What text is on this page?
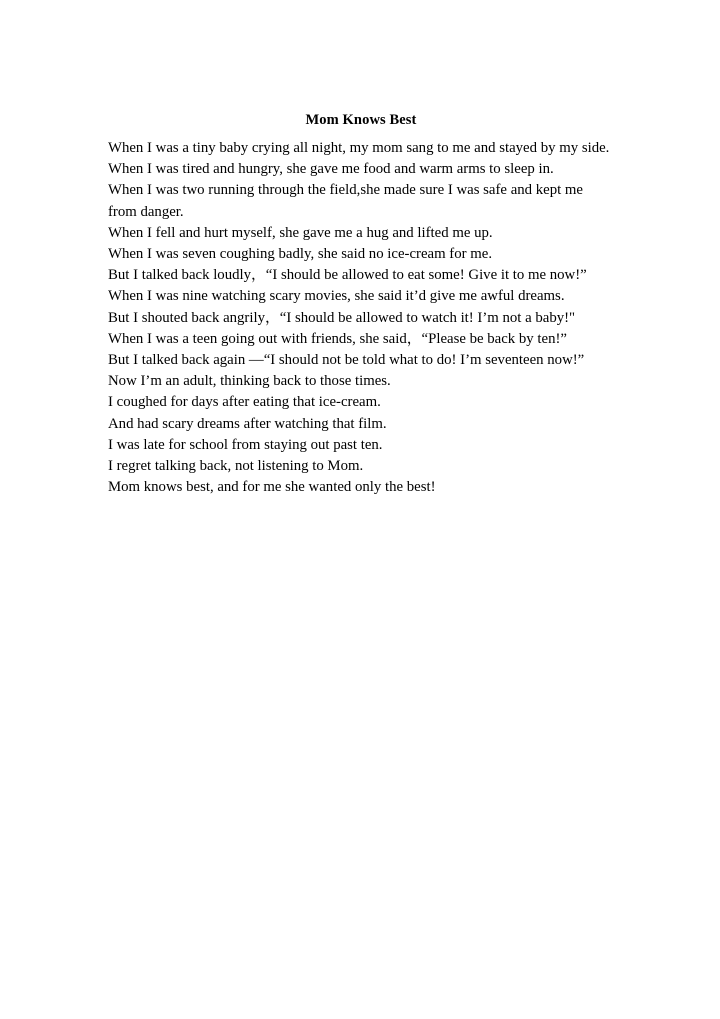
Mom Knows Best

When I was a tiny baby crying all night, my mom sang to me and stayed by my side.

When I was tired and hungry, she gave me food and warm arms to sleep in.

When I was two running through the field,she made sure I was safe and kept me from danger.

When I fell and hurt myself, she gave me a hug and lifted me up.

When I was seven coughing badly, she said no ice-cream for me.

But I talked back loudly，“I should be allowed to eat some! Give it to me now!”

When I was nine watching scary movies, she said it’d give me awful dreams.

But I shouted back angrily，“I should be allowed to watch it! I’m not a baby!"

When I was a teen going out with friends, she said，“Please be back by ten!”

But I talked back again —“I should not be told what to do! I’m seventeen now!”

Now I’m an adult, thinking back to those times.

I coughed for days after eating that ice-cream.

And had scary dreams after watching that film.

I was late for school from staying out past ten.

I regret talking back, not listening to Mom.

Mom knows best, and for me she wanted only the best!
